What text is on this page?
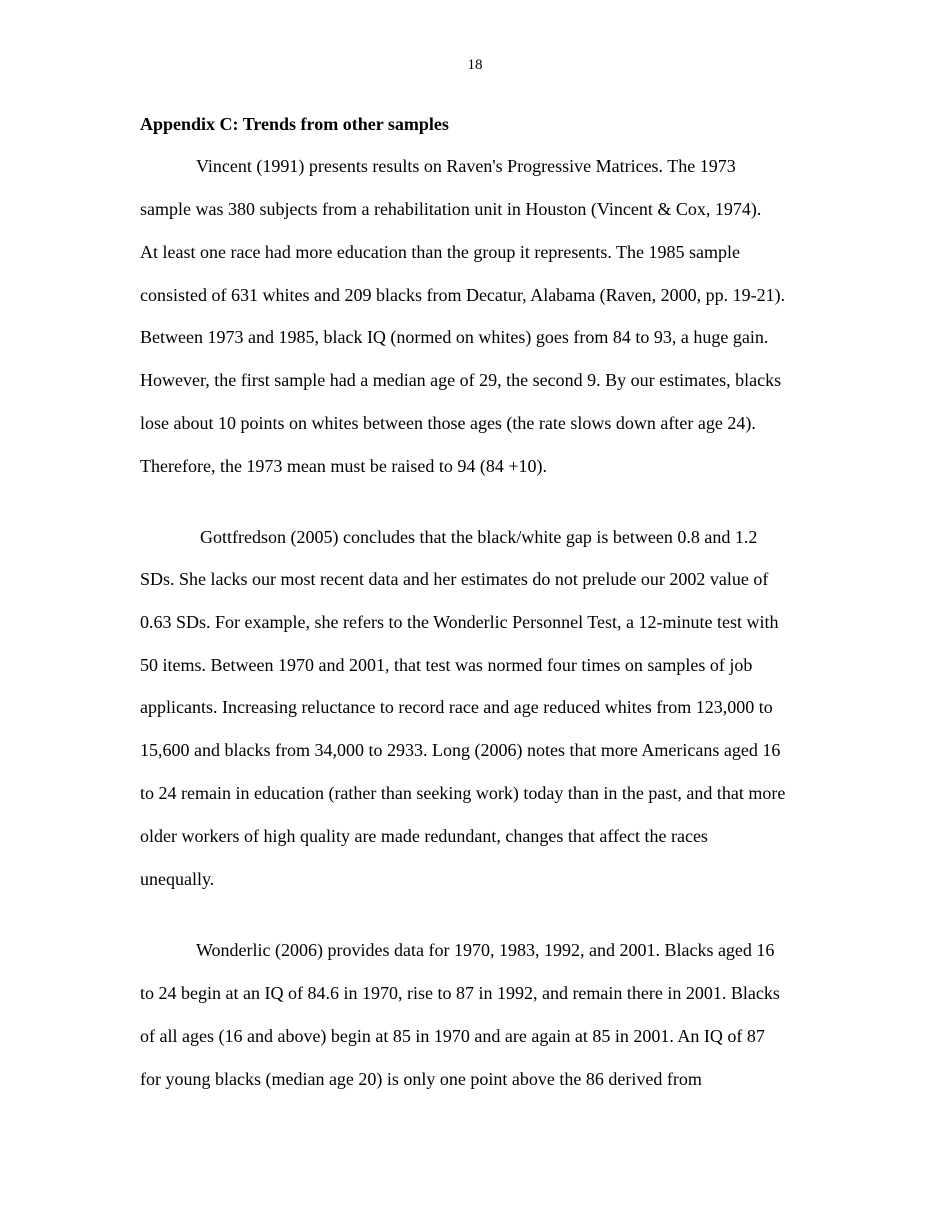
18
Appendix C: Trends from other samples

Vincent (1991) presents results on Raven's Progressive Matrices. The 1973

sample was 380 subjects from a rehabilitation unit in Houston (Vincent & Cox, 1974).

At least one race had more education than the group it represents. The 1985 sample

consisted of 631 whites and 209 blacks from Decatur, Alabama (Raven, 2000, pp. 19-21).

Between 1973 and 1985, black IQ (normed on whites) goes from 84 to 93, a huge gain.

However, the first sample had a median age of 29, the second 9. By our estimates, blacks

lose about 10 points on whites between those ages (the rate slows down after age 24).

Therefore, the 1973 mean must be raised to 94 (84 +10).

Gottfredson (2005) concludes that the black/white gap is between 0.8 and 1.2

SDs. She lacks our most recent data and her estimates do not prelude our 2002 value of

0.63 SDs. For example, she refers to the Wonderlic Personnel Test, a 12-minute test with

50 items. Between 1970 and 2001, that test was normed four times on samples of job

applicants. Increasing reluctance to record race and age reduced whites from 123,000 to

15,600 and blacks from 34,000 to 2933. Long (2006) notes that more Americans aged 16

to 24 remain in education (rather than seeking work) today than in the past, and that more

older workers of high quality are made redundant, changes that affect the races

unequally.

Wonderlic (2006) provides data for 1970, 1983, 1992, and 2001. Blacks aged 16

to 24 begin at an IQ of 84.6 in 1970, rise to 87 in 1992, and remain there in 2001. Blacks

of all ages (16 and above) begin at 85 in 1970 and are again at 85 in 2001. An IQ of 87

for young blacks (median age 20) is only one point above the 86 derived from
